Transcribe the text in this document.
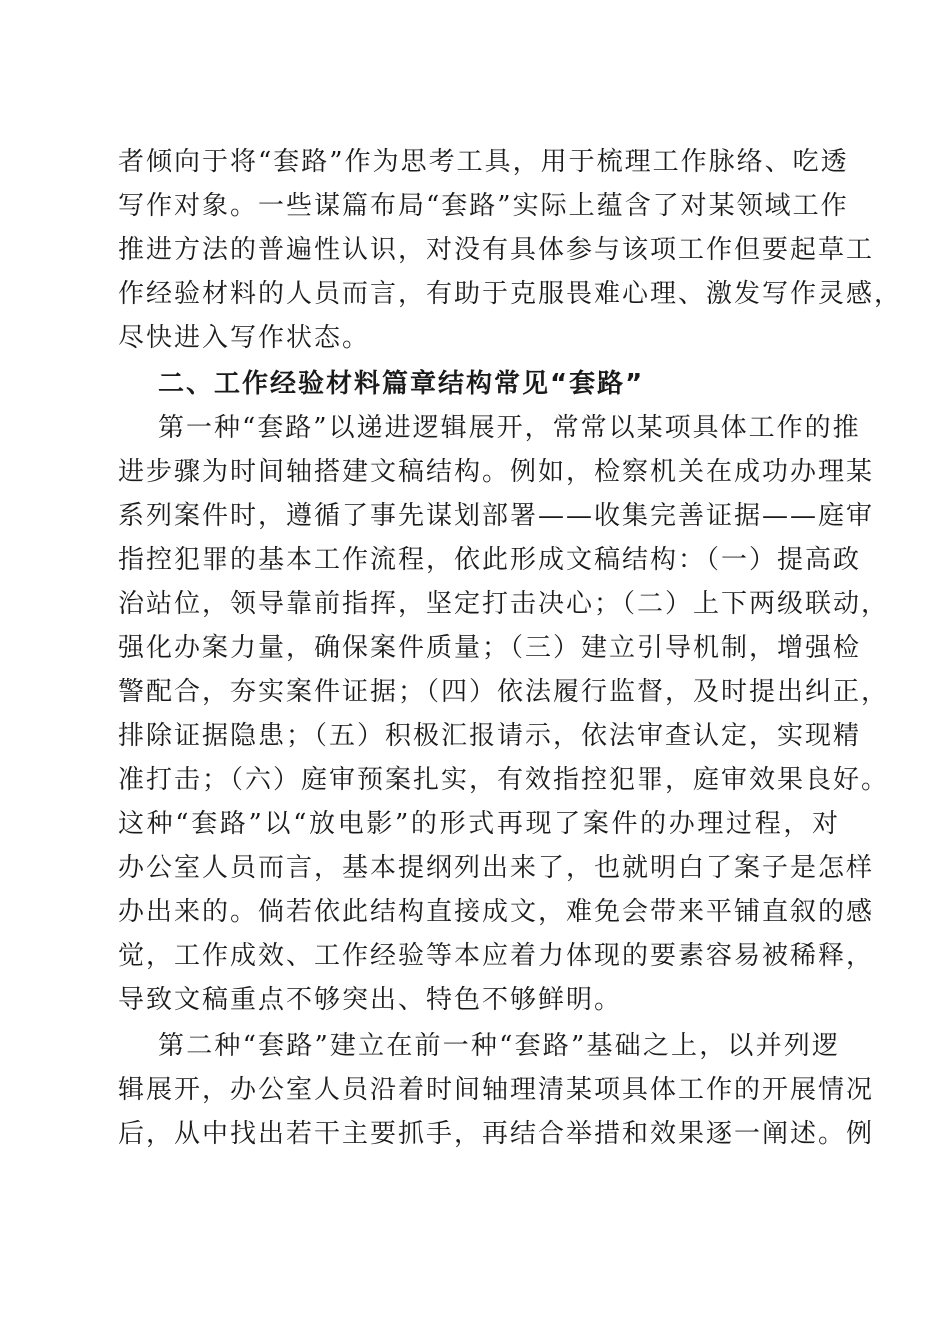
者倾向于将“套路”作为思考工具，用于梳理工作脉络、吃透
写作对象。一些谋篇布局“套路”实际上蕴含了对某领域工作
推进方法的普遍性认识，对没有具体参与该项工作但要起草工
作经验材料的人员而言，有助于克服畏难心理、激发写作灵感，
尽快进入写作状态。
二、工作经验材料篇章结构常见“套路”
第一种“套路”以递进逻辑展开，常常以某项具体工作的推
进步骤为时间轴搭建文稿结构。例如，检察机关在成功办理某
系列案件时，遵循了事先谋划部署——收集完善证据——庭审
指控犯罪的基本工作流程，依此形成文稿结构：（一）提高政
治站位，领导靠前指挥，坚定打击决心；（二）上下两级联动，
强化办案力量，确保案件质量；（三）建立引导机制，增强检
警配合，夯实案件证据；（四）依法履行监督，及时提出纠正，
排除证据隐患；（五）积极汇报请示，依法审查认定，实现精
准打击；（六）庭审预案扎实，有效指控犯罪，庭审效果良好。
这种“套路”以“放电影”的形式再现了案件的办理过程，对
办公室人员而言，基本提纲列出来了，也就明白了案子是怎样
办出来的。倘若依此结构直接成文，难免会带来平铺直叙的感
觉，工作成效、工作经验等本应着力体现的要素容易被稀释，
导致文稿重点不够突出、特色不够鲜明。
第二种“套路”建立在前一种“套路”基础之上，以并列逻
辑展开，办公室人员沿着时间轴理清某项具体工作的开展情况
后，从中找出若干主要抓手，再结合举措和效果逐一阐述。例
